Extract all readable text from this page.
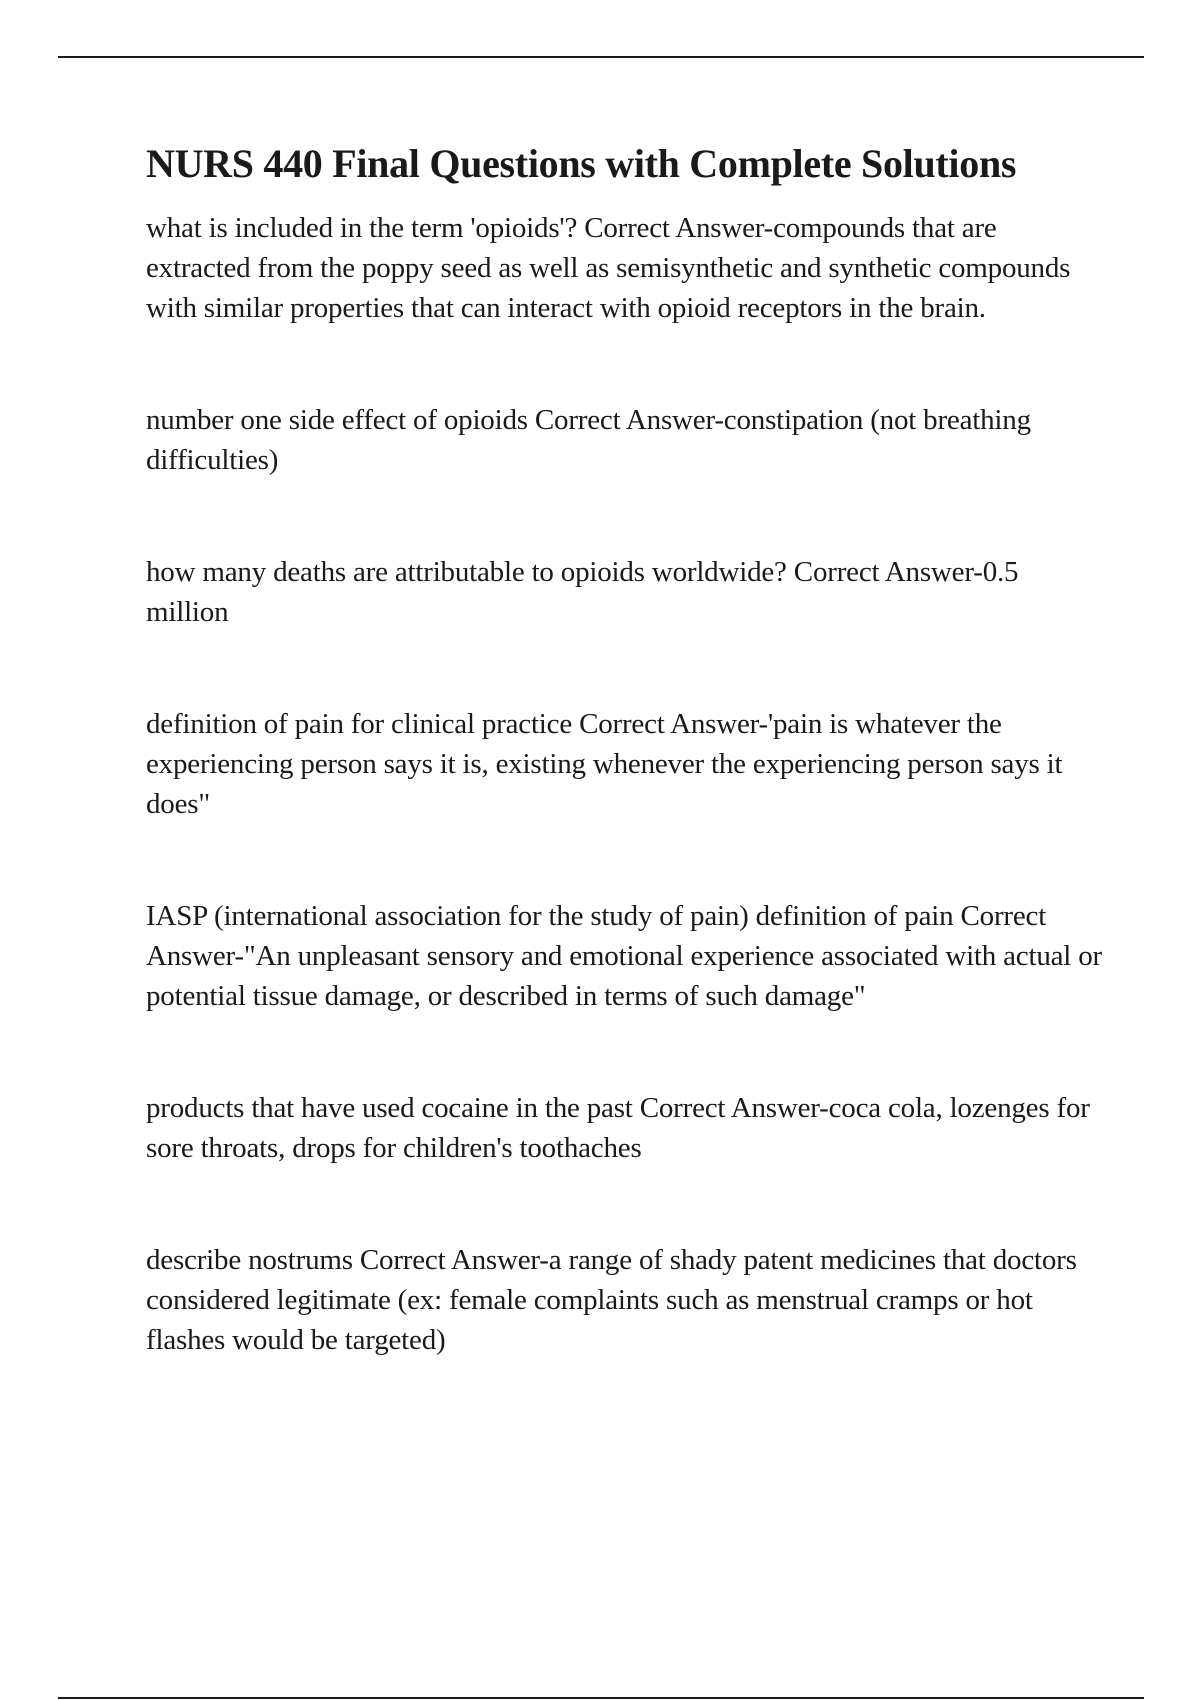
NURS 440 Final Questions with Complete Solutions

what is included in the term 'opioids'? Correct Answer-compounds that are extracted from the poppy seed as well as semisynthetic and synthetic compounds with similar properties that can interact with opioid receptors in the brain.

number one side effect of opioids Correct Answer-constipation (not breathing difficulties)

how many deaths are attributable to opioids worldwide? Correct Answer-0.5 million

definition of pain for clinical practice Correct Answer-'pain is whatever the experiencing person says it is, existing whenever the experiencing person says it does"

IASP (international association for the study of pain) definition of pain Correct Answer-"An unpleasant sensory and emotional experience associated with actual or potential tissue damage, or described in terms of such damage"

products that have used cocaine in the past Correct Answer-coca cola, lozenges for sore throats, drops for children's toothaches

describe nostrums Correct Answer-a range of shady patent medicines that doctors considered legitimate (ex: female complaints such as menstrual cramps or hot flashes would be targeted)
